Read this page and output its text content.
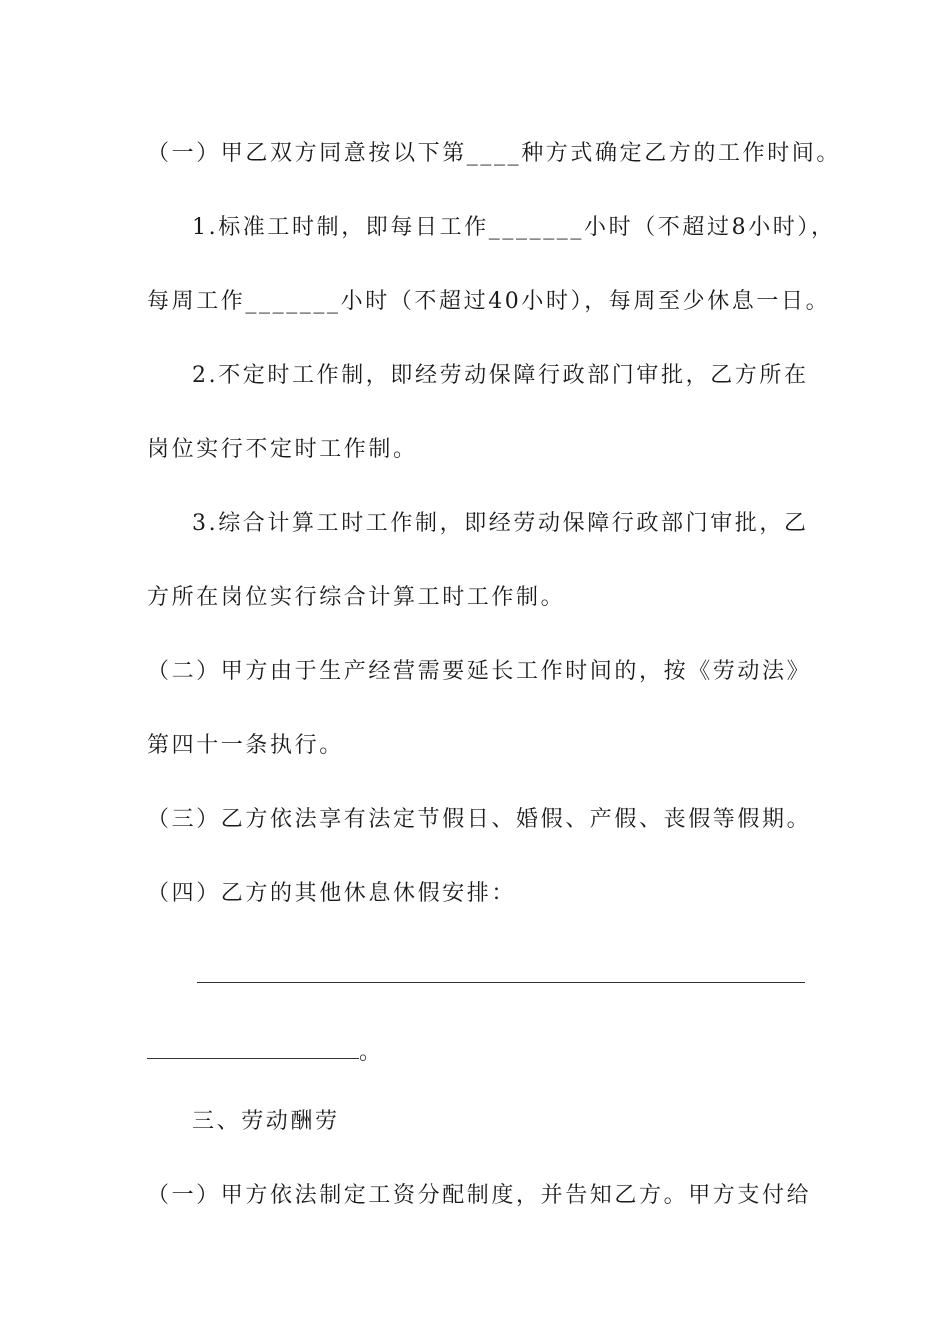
（一）甲乙双方同意按以下第____种方式确定乙方的工作时间。
1.标准工时制，即每日工作_______小时（不超过8小时），
每周工作_______小时（不超过40小时），每周至少休息一日。
2.不定时工作制，即经劳动保障行政部门审批，乙方所在
岗位实行不定时工作制。
3.综合计算工时工作制，即经劳动保障行政部门审批，乙
方所在岗位实行综合计算工时工作制。
（二）甲方由于生产经营需要延长工作时间的，按《劳动法》
第四十一条执行。
（三）乙方依法享有法定节假日、婚假、产假、丧假等假期。
（四）乙方的其他休息休假安排：
。
三、劳动酬劳
（一）甲方依法制定工资分配制度，并告知乙方。甲方支付给
